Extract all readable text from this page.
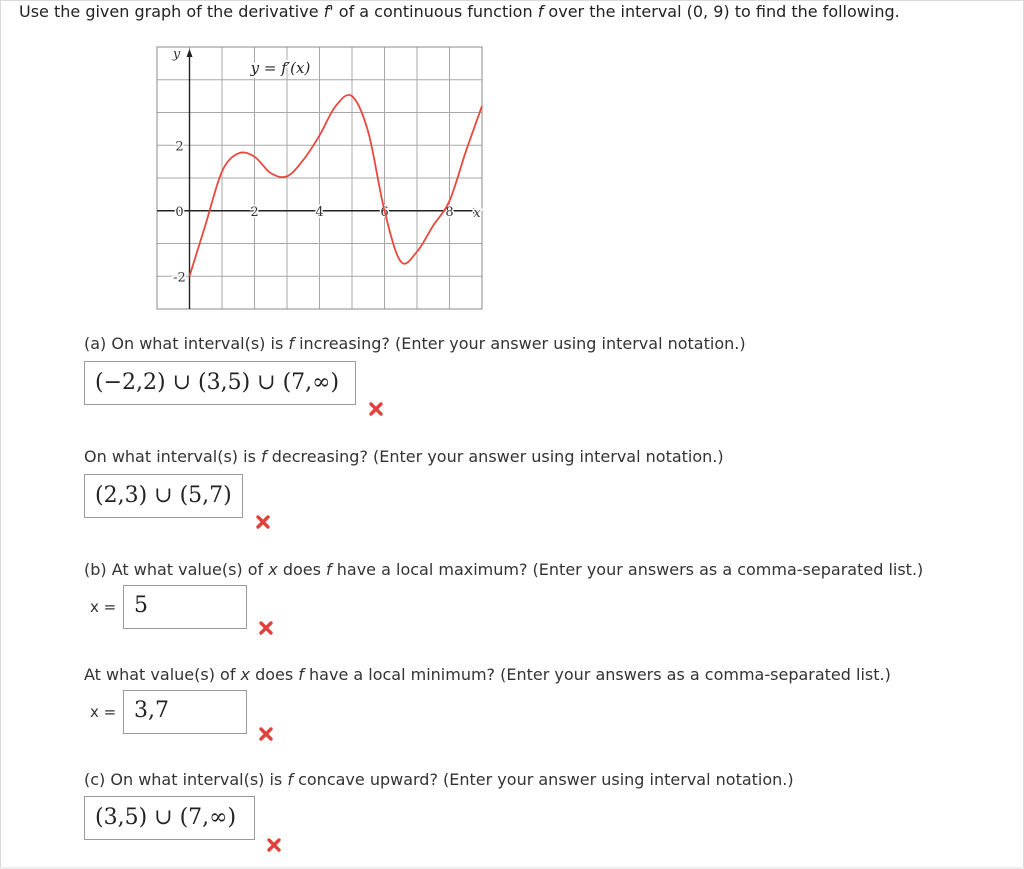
Use the given graph of the derivative f' of a continuous function f over the interval (0, 9) to find the following.
2	4	6	8
2
-2
0
y
x
y = f′(x)
(a) On what interval(s) is f increasing? (Enter your answer using interval notation.)
(−2,2) ∪ (3,5) ∪ (7,∞)
On what interval(s) is f decreasing? (Enter your answer using interval notation.)
(2,3) ∪ (5,7)
(b) At what value(s) of x does f have a local maximum? (Enter your answers as a comma-separated list.)
x = 5
At what value(s) of x does f have a local minimum? (Enter your answers as a comma-separated list.)
x = 3,7
(c) On what interval(s) is f concave upward? (Enter your answer using interval notation.)
(3,5) ∪ (7,∞)
